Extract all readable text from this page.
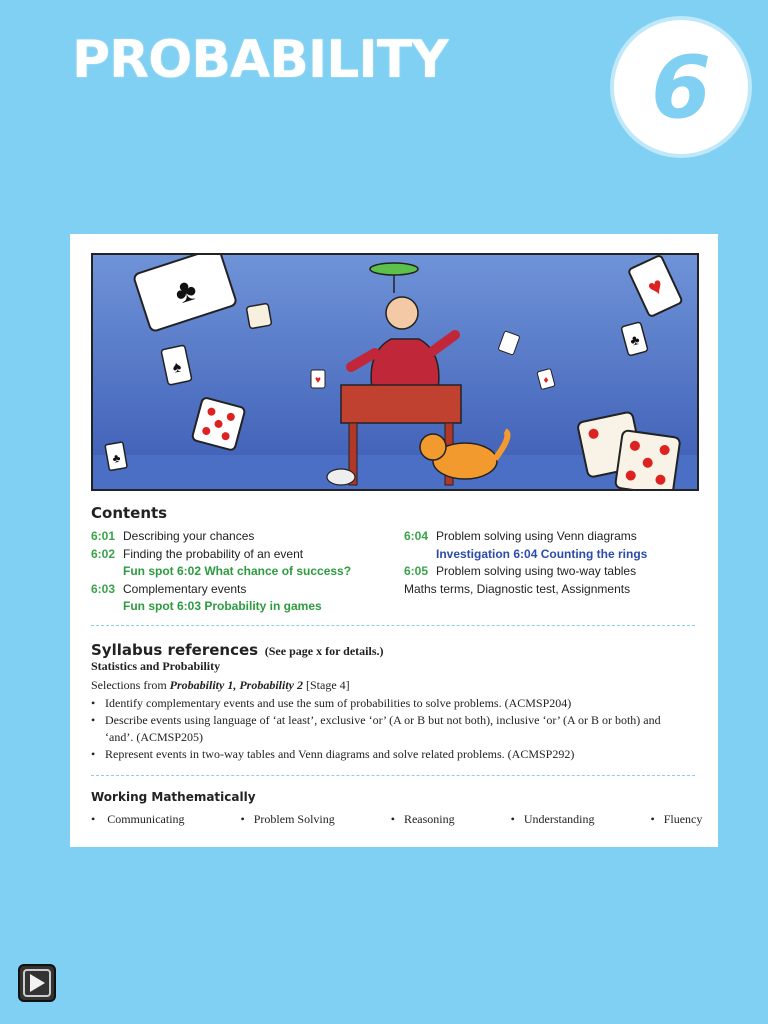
PROBABILITY	6
♣
♠
♣
♥
♥
♣
♦
Contents
6:01 Describing your chances
6:02 Finding the probability of an event
Fun spot 6:02 What chance of success?
6:03 Complementary events
Fun spot 6:03 Probability in games
6:04 Problem solving using Venn diagrams
Investigation 6:04 Counting the rings
6:05 Problem solving using two-way tables
Maths terms, Diagnostic test, Assignments
Syllabus references (See page x for details.)
Statistics and Probability
Selections from Probability 1, Probability 2 [Stage 4]
• Identify complementary events and use the sum of probabilities to solve problems. (ACMSP204)
• Describe events using language of ‘at least’, exclusive ‘or’ (A or B but not both), inclusive ‘or’ (A or B or both) and ‘and’. (ACMSP205)
• Represent events in two-way tables and Venn diagrams and solve related problems. (ACMSP292)
Working Mathematically
•    Communicating	•   Problem Solving	•   Reasoning	•   Understanding	•   Fluency
